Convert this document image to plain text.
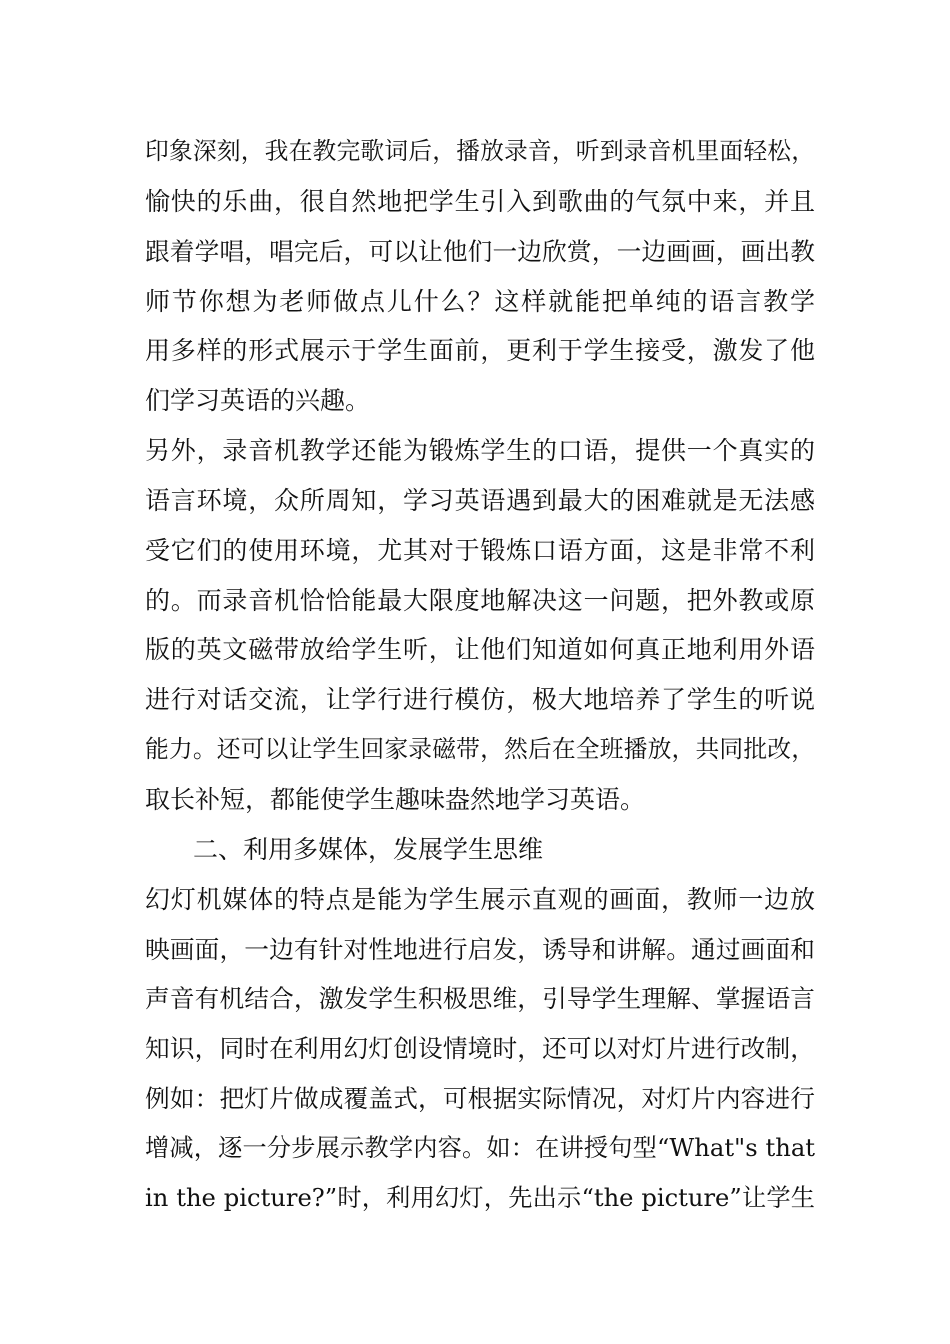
印象深刻，我在教完歌词后，播放录音，听到录音机里面轻松，
愉快的乐曲，很自然地把学生引入到歌曲的气氛中来，并且
跟着学唱，唱完后，可以让他们一边欣赏，一边画画，画出教
师节你想为老师做点儿什么？这样就能把单纯的语言教学
用多样的形式展示于学生面前，更利于学生接受，激发了他
们学习英语的兴趣。
另外，录音机教学还能为锻炼学生的口语，提供一个真实的
语言环境，众所周知，学习英语遇到最大的困难就是无法感
受它们的使用环境，尤其对于锻炼口语方面，这是非常不利
的。而录音机恰恰能最大限度地解决这一问题，把外教或原
版的英文磁带放给学生听，让他们知道如何真正地利用外语
进行对话交流，让学行进行模仿，极大地培养了学生的听说
能力。还可以让学生回家录磁带，然后在全班播放，共同批改，
取长补短，都能使学生趣味盎然地学习英语。
二、利用多媒体，发展学生思维
幻灯机媒体的特点是能为学生展示直观的画面，教师一边放
映画面，一边有针对性地进行启发，诱导和讲解。通过画面和
声音有机结合，激发学生积极思维，引导学生理解、掌握语言
知识，同时在利用幻灯创设情境时，还可以对灯片进行改制，
例如：把灯片做成覆盖式，可根据实际情况，对灯片内容进行
增减，逐一分步展示教学内容。如：在讲授句型“What"s that
in the picture?”时，利用幻灯，先出示“the picture”让学生
